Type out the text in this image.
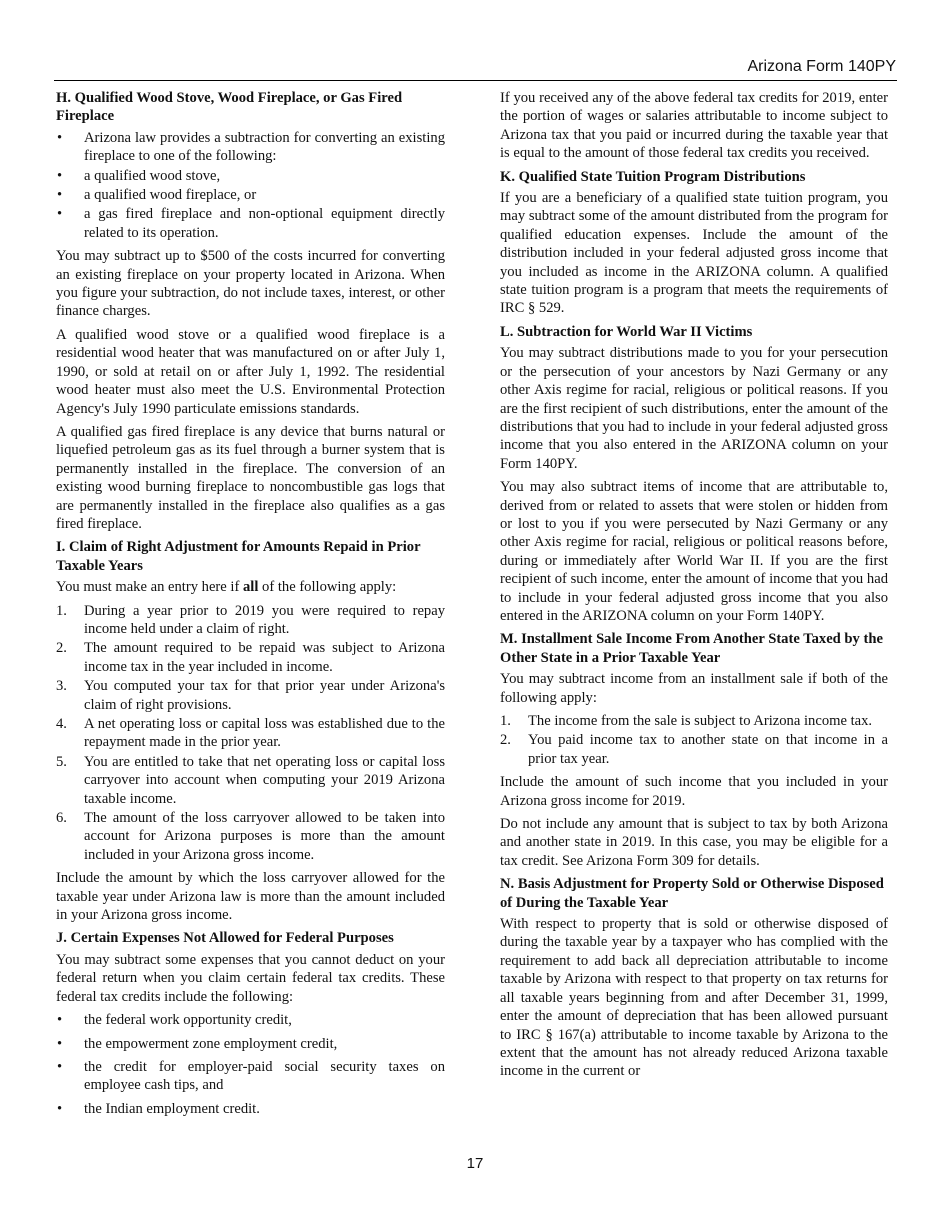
Arizona Form 140PY
H. Qualified Wood Stove, Wood Fireplace, or Gas Fired Fireplace
• Arizona law provides a subtraction for converting an existing fireplace to one of the following:
• a qualified wood stove,
• a qualified wood fireplace, or
• a gas fired fireplace and non-optional equipment directly related to its operation.

You may subtract up to $500 of the costs incurred for converting an existing fireplace on your property located in Arizona. When you figure your subtraction, do not include taxes, interest, or other finance charges.

A qualified wood stove or a qualified wood fireplace is a residential wood heater that was manufactured on or after July 1, 1990, or sold at retail on or after July 1, 1992. The residential wood heater must also meet the U.S. Environmental Protection Agency's July 1990 particulate emissions standards.

A qualified gas fired fireplace is any device that burns natural or liquefied petroleum gas as its fuel through a burner system that is permanently installed in the fireplace. The conversion of an existing wood burning fireplace to noncombustible gas logs that are permanently installed in the fireplace also qualifies as a gas fired fireplace.

I. Claim of Right Adjustment for Amounts Repaid in Prior Taxable Years

You must make an entry here if all of the following apply:

1. During a year prior to 2019 you were required to repay income held under a claim of right.
2. The amount required to be repaid was subject to Arizona income tax in the year included in income.
3. You computed your tax for that prior year under Arizona's claim of right provisions.
4. A net operating loss or capital loss was established due to the repayment made in the prior year.
5. You are entitled to take that net operating loss or capital loss carryover into account when computing your 2019 Arizona taxable income.
6. The amount of the loss carryover allowed to be taken into account for Arizona purposes is more than the amount included in your Arizona gross income.

Include the amount by which the loss carryover allowed for the taxable year under Arizona law is more than the amount included in your Arizona gross income.

J. Certain Expenses Not Allowed for Federal Purposes

You may subtract some expenses that you cannot deduct on your federal return when you claim certain federal tax credits. These federal tax credits include the following:

• the federal work opportunity credit,
• the empowerment zone employment credit,
• the credit for employer-paid social security taxes on employee cash tips, and
• the Indian employment credit.

If you received any of the above federal tax credits for 2019, enter the portion of wages or salaries attributable to income subject to Arizona tax that you paid or incurred during the taxable year that is equal to the amount of those federal tax credits you received.

K. Qualified State Tuition Program Distributions

If you are a beneficiary of a qualified state tuition program, you may subtract some of the amount distributed from the program for qualified education expenses. Include the amount of the distribution included in your federal adjusted gross income that you included as income in the ARIZONA column. A qualified state tuition program is a program that meets the requirements of IRC § 529.

L. Subtraction for World War II Victims

You may subtract distributions made to you for your persecution or the persecution of your ancestors by Nazi Germany or any other Axis regime for racial, religious or political reasons. If you are the first recipient of such distributions, enter the amount of the distributions that you had to include in your federal adjusted gross income that you also entered in the ARIZONA column on your Form 140PY.

You may also subtract items of income that are attributable to, derived from or related to assets that were stolen or hidden from or lost to you if you were persecuted by Nazi Germany or any other Axis regime for racial, religious or political reasons before, during or immediately after World War II. If you are the first recipient of such income, enter the amount of income that you had to include in your federal adjusted gross income that you also entered in the ARIZONA column on your Form 140PY.

M. Installment Sale Income From Another State Taxed by the Other State in a Prior Taxable Year

You may subtract income from an installment sale if both of the following apply:

1. The income from the sale is subject to Arizona income tax.
2. You paid income tax to another state on that income in a prior tax year.

Include the amount of such income that you included in your Arizona gross income for 2019.

Do not include any amount that is subject to tax by both Arizona and another state in 2019. In this case, you may be eligible for a tax credit. See Arizona Form 309 for details.

N. Basis Adjustment for Property Sold or Otherwise Disposed of During the Taxable Year

With respect to property that is sold or otherwise disposed of during the taxable year by a taxpayer who has complied with the requirement to add back all depreciation attributable to income taxable by Arizona with respect to that property on tax returns for all taxable years beginning from and after December 31, 1999, enter the amount of depreciation that has been allowed pursuant to IRC § 167(a) attributable to income taxable by Arizona to the extent that the amount has not already reduced Arizona taxable income in the current or

17
